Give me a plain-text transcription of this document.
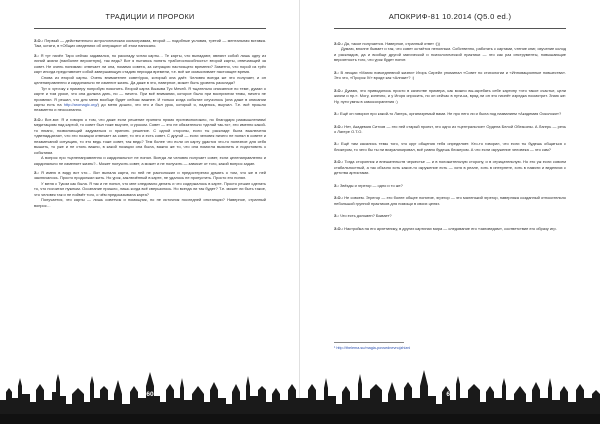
ТРАДИЦИИ И ПРОРОКИ

З.О.: Первый — действительно астрологическая космограмма, второй — подобные условия, третий — ментальная вставка. Там, кстати, в «Общих сведениях об операции» об этом написано.

З.: Я тут начёл Таро сейчас задавался, по раскладу читая карты… Те карты, что выпадают, являют собой лишь одну из линий жизни (наиболее вероятную), так ведь? Вот я пытаюсь понять «работоспособность» второй карты, отвечающей за совет. Не очень понимаю: отвечает ли она, помимо совета, за ситуацию настоящего времени? Заметно, что порой из трёх карт иногда представляет собой завершающую стадию периода времени, т.е. всё же осмысливает настоящее время.

Снова из второй карты. Очень внимателен совет/урок, который она даёт. Человек всегда же это получает, и он целенаправленно и кардинально не изменит жизнь. Да даже в это, наверное, может быть уровень раскладa?

Тут я чуточку к примеру попробую пояснить. Второй карта Вызыва Тус Мечей. Я тщательно описанное по теме, думал о карте и том уроке, что она должна дать, но — ничего. При всё внимании, которое было при восприятии темы, ничего не проявлял. Я решил, что для меня вообще будет сейчас важнее. И только когда событие случилось (она даже в описании карты есть на http://aromagic.org/) до меня дошло, что это и был урок, который я, надеюсь, выучил. Т.е. всё прошло незаметно и неосознанно.

З.О.: Вот-вот. Я и говорю о том, что даже если решение принято прямо противоположно, но благодаря размышлениям/медитациям над картой, то совет был тоже выучен, и уроком. Совет — это не обязательно «делай так-то», это именно какой-то нюанс, позволяющий задуматься и принять решение. С одной стороны, если ты раскладе была выключена «двенадцатая», что это позиции отвечает за совет, то это и есть совет. С другой — если человек ничего не понял в совете и незамечаний ситуацию, то это ведь тоже совет, так ведь? Тем более что если он карту удастся что-то полезное для себя вышить, то уже и не столь важно, в какой позиции она была, важно же то, что она помогла выяснить и подготовить к событиям.

А вопрос про «целенаправленно и кардинально» не понял. Всегда ли человек получает совет, если целенаправленно и кардинально не изменяет жизнь?.. Может получить совет, а может и не получить — зависит от того, какой вопрос задан.

З.: Я имею в виду вот что… Вот выпала карта, но ней не расположил и предостерегая думать о том, что же в ней заключалось. Просто продолжал жить. Но урок, заключённый в карте, не удалось не пропустить. Просто его понял.

У меня с Туком как была. Я так и не понял, что мне следовало делать и что содержалось в карте. Просто решил сделать то, что посчитал нужным. Осознание пришло, лишь когда всё свершилось. Но всегда ли так будет? Т.е. может ли быть такое, что человек так и не поймёт того, о чём предсказывала карта?

Получается, что карты — лишь советчик и помощник, но не источник последней инстанции? Наверное, странный вопрос…

60
АПОКРИФ-81 10.2014 (Q5.0 ed.)

З.О.: Да, такое получается. Наверное, странный ответ :)))

Думаю, вполне бывает и так, что совет остаётся неполным. Собственно, работать с картами, чтение книг, изучение колод и раскладов, да и вообще другой магической и психологической практики — это как раз инструменты, повышающие вероятность того, что урок будет понят.

З.: В лекции «Магия повседневной жизни» Игорь Сирейл упоминал «Совет по стихологии и «Инновационные новшества». Это что, «Пророк IV» вроде как «Алнаи»? :)

З.О.: Думаю, это приводилось просто в качестве примера, как можно вы-скребать себе картину «что такое счастье, цели жизни и пр.». Могу, конечно, и у Игоря спросить, но он сейчас в пути-ка, вряд ли он это начнёт изредка посмотрит. Знаю же: Ну, пути умны в самосохранения :)

З.: Ещё он говорил про какой-то Лагерь, организуемый вами. Не про него ли и была под названием «Академия Осколоки»?

З.О.: Нет, Академия Ситхов — это ней старый проект, это одно из «центральное» Ордена Белой Обезьяны. А Лагерь — речь о Лагере О.Т.О.

З.: Ещё там касались темы того, что круг общения тебя определяет. Кто-то говорил, что если ты будешь общаться с блокером, то чего бы ты ни визуализировал, всё равно будешь блокером. А что если окружение человека — это сам?

З.О.: Тогда сторонник и внешательств черкестье — и в положительную сторону, и в отрицательную. Но это уж если совсем стабильностный, а так обычно хоть какое-то окружение есть — хотя в реале, хоть в интернете, хоть в памяти и ведениях с детства артистами.

З.: Звёзды и эгрегор — одно и то же?

З.О.: Не совсем. Эгрегор — это более общее понятие, эгрегор — это маленький эгрегор, наверняка созданный относительно небольшой группой практиков для помощи в своих целях.

З.: Что есть дольмен? Бывает?

З.О.: Настройка на его архетипику, в других картинах мира — следование его «заповедям», соответствие его образу игр.

¹ http://thelema.su/magia-povsednevnojzhizni
61
